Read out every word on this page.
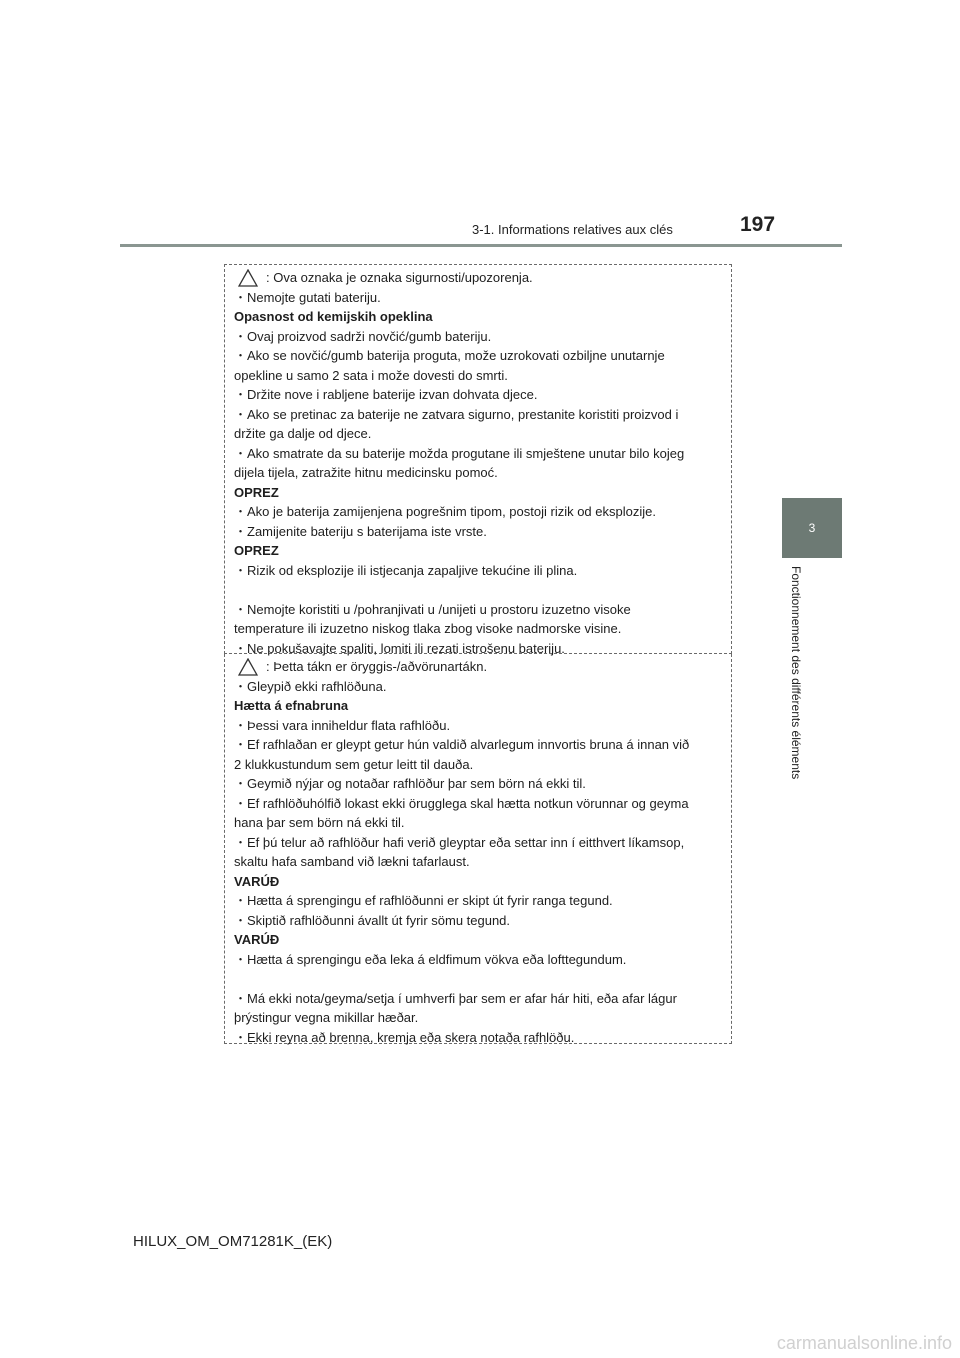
3-1. Informations relatives aux clés	197
3
Fonctionnement des différents éléments

: Ova oznaka je oznaka sigurnosti/upozorenja.

・Nemojte gutati bateriju.

Opasnost od kemijskih opeklina

・Ovaj proizvod sadrži novčić/gumb bateriju.

・Ako se novčić/gumb baterija proguta, može uzrokovati ozbiljne unutarnje

opekline u samo 2 sata i može dovesti do smrti.

・Držite nove i rabljene baterije izvan dohvata djece.

・Ako se pretinac za baterije ne zatvara sigurno, prestanite koristiti proizvod i

držite ga dalje od djece.

・Ako smatrate da su baterije možda progutane ili smještene unutar bilo kojeg

dijela tijela, zatražite hitnu medicinsku pomoć.

OPREZ

・Ako je baterija zamijenjena pogrešnim tipom, postoji rizik od eksplozije.

・Zamijenite bateriju s baterijama iste vrste.

OPREZ

・Rizik od eksplozije ili istjecanja zapaljive tekućine ili plina.

・Nemojte koristiti u /pohranjivati u /unijeti u prostoru izuzetno visoke

temperature ili izuzetno niskog tlaka zbog visoke nadmorske visine.

・Ne pokušavajte spaliti, lomiti ili rezati istrošenu bateriju.

: Þetta tákn er öryggis-/aðvörunartákn.

・Gleypið ekki rafhlöðuna.

Hætta á efnabruna

・Þessi vara inniheldur flata rafhlöðu.

・Ef rafhlaðan er gleypt getur hún valdið alvarlegum innvortis bruna á innan við

2 klukkustundum sem getur leitt til dauða.

・Geymið nýjar og notaðar rafhlöður þar sem börn ná ekki til.

・Ef rafhlöðuhólfið lokast ekki örugglega skal hætta notkun vörunnar og geyma

hana þar sem börn ná ekki til.

・Ef þú telur að rafhlöður hafi verið gleyptar eða settar inn í eitthvert líkamsop,

skaltu hafa samband við lækni tafarlaust.

VARÚÐ

・Hætta á sprengingu ef rafhlöðunni er skipt út fyrir ranga tegund.

・Skiptið rafhlöðunni ávallt út fyrir sömu tegund.

VARÚÐ

・Hætta á sprengingu eða leka á eldfimum vökva eða lofttegundum.

・Má ekki nota/geyma/setja í umhverfi þar sem er afar hár hiti, eða afar lágur

þrýstingur vegna mikillar hæðar.

・Ekki reyna að brenna, kremja eða skera notaða rafhlöðu.

HILUX_OM_OM71281K_(EK)
carmanualsonline.info
